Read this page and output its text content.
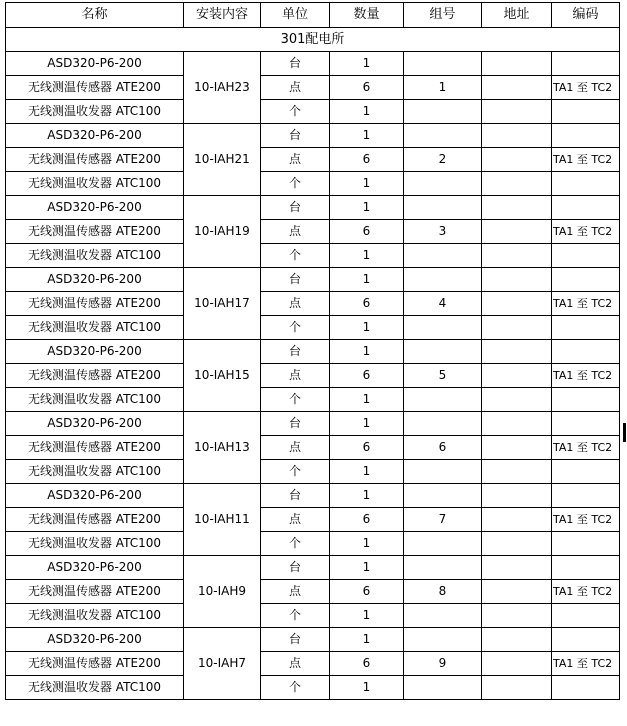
名称	安装内容	单位	数量	组号	地址	编码
301配电所						
ASD320-P6-200	10-IAH23	台	1			
无线测温传感器 ATE200		点	6	1		TA1 至 TC2
无线测温收发器 ATC100		个	1			
ASD320-P6-200	10-IAH21	台	1			
无线测温传感器 ATE200		点	6	2		TA1 至 TC2
无线测温收发器 ATC100		个	1			
ASD320-P6-200	10-IAH19	台	1			
无线测温传感器 ATE200		点	6	3		TA1 至 TC2
无线测温收发器 ATC100		个	1			
ASD320-P6-200	10-IAH17	台	1			
无线测温传感器 ATE200		点	6	4		TA1 至 TC2
无线测温收发器 ATC100		个	1			
ASD320-P6-200	10-IAH15	台	1			
无线测温传感器 ATE200		点	6	5		TA1 至 TC2
无线测温收发器 ATC100		个	1			
ASD320-P6-200	10-IAH13	台	1			
无线测温传感器 ATE200		点	6	6		TA1 至 TC2
无线测温收发器 ATC100		个	1			
ASD320-P6-200	10-IAH11	台	1			
无线测温传感器 ATE200		点	6	7		TA1 至 TC2
无线测温收发器 ATC100		个	1			
ASD320-P6-200	10-IAH9	台	1			
无线测温传感器 ATE200		点	6	8		TA1 至 TC2
无线测温收发器 ATC100		个	1			
ASD320-P6-200	10-IAH7	台	1			
无线测温传感器 ATE200		点	6	9		TA1 至 TC2
无线测温收发器 ATC100		个	1			
